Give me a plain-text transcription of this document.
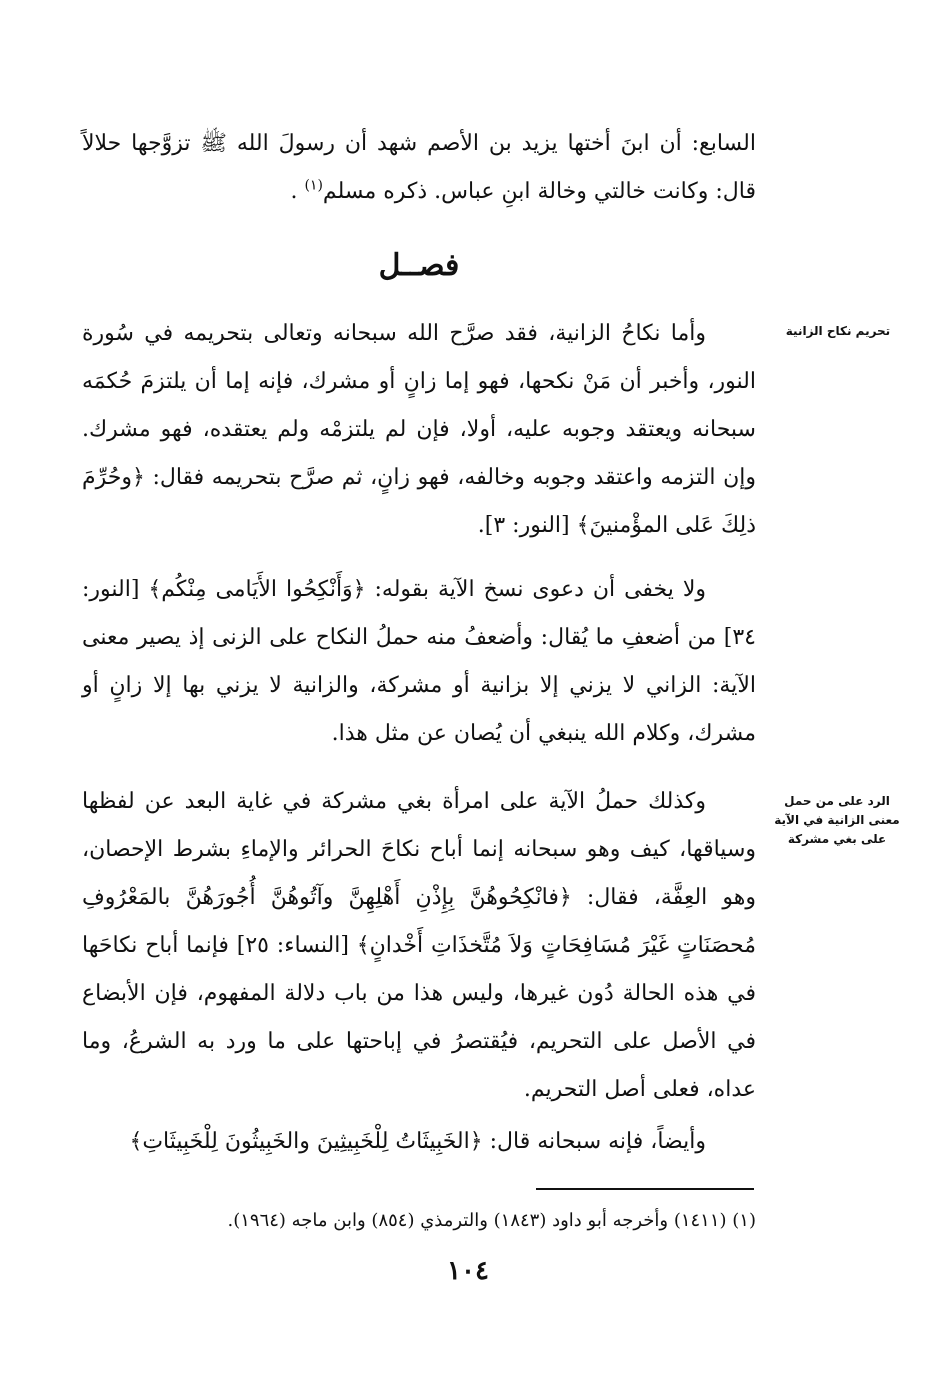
السابع: أن ابنَ أختها يزيد بن الأصم شهد أن رسولَ الله ﷺ تزوَّجها حلالاً قال: وكانت خالتي وخالة ابنِ عباس. ذكره مسلم$^{(١)}$ .

فصــل
تحريم نكاح الزانية

وأما نكاحُ الزانية، فقد صرَّح الله سبحانه وتعالى بتحريمه في سُورة النور، وأخبر أن مَنْ نكحها، فهو إما زانٍ أو مشرك، فإنه إما أن يلتزمَ حُكمَه سبحانه ويعتقد وجوبه عليه، أولا، فإن لم يلتزمْه ولم يعتقده، فهو مشرك. وإن التزمه واعتقد وجوبه وخالفه، فهو زانٍ، ثم صرَّح بتحريمه فقال: ﴿وحُرِّمَ ذلِكَ عَلى المؤْمنينَ﴾ [النور: ٣].

ولا يخفى أن دعوى نسخ الآية بقوله: ﴿وَأَنْكِحُوا الأَيَامى مِنْكُم﴾ [النور: ٣٤] من أضعفِ ما يُقال: وأضعفُ منه حملُ النكاح على الزنى إذ يصير معنى الآية: الزاني لا يزني إلا بزانية أو مشركة، والزانية لا يزني بها إلا زانٍ أو مشرك، وكلام الله ينبغي أن يُصان عن مثل هذا.

الرد على من حمل معنى الزانية في الآية على بغي مشركة

وكذلك حملُ الآية على امرأة بغي مشركة في غاية البعد عن لفظها وسياقها، كيف وهو سبحانه إنما أباح نكاحَ الحرائر والإماءِ بشرط الإحصان، وهو العِفَّة، فقال: ﴿فانْكِحُوهُنَّ بِإِذْنِ أَهْلِهِنَّ وآتُوهُنَّ أُجُورَهُنَّ بالمَعْرُوفِ مُحصَنَاتٍ غَيْرَ مُسَافِحَاتٍ وَلاَ مُتَّخذَاتِ أَخْدانٍ﴾ [النساء: ٢٥] فإنما أباح نكاحَها في هذه الحالة دُون غيرها، وليس هذا من باب دلالة المفهوم، فإن الأبضاع في الأصل على التحريم، فيُقتصرُ في إباحتها على ما ورد به الشرعُ، وما عداه، فعلى أصل التحريم.

وأيضاً، فإنه سبحانه قال: ﴿الخَبِيثَاتُ لِلْخَبِيثِينَ والخَبِيثُونَ لِلْخَبِيثَاتِ﴾

(١) (١٤١١) وأخرجه أبو داود (١٨٤٣) والترمذي (٨٥٤) وابن ماجه (١٩٦٤).
١٠٤
